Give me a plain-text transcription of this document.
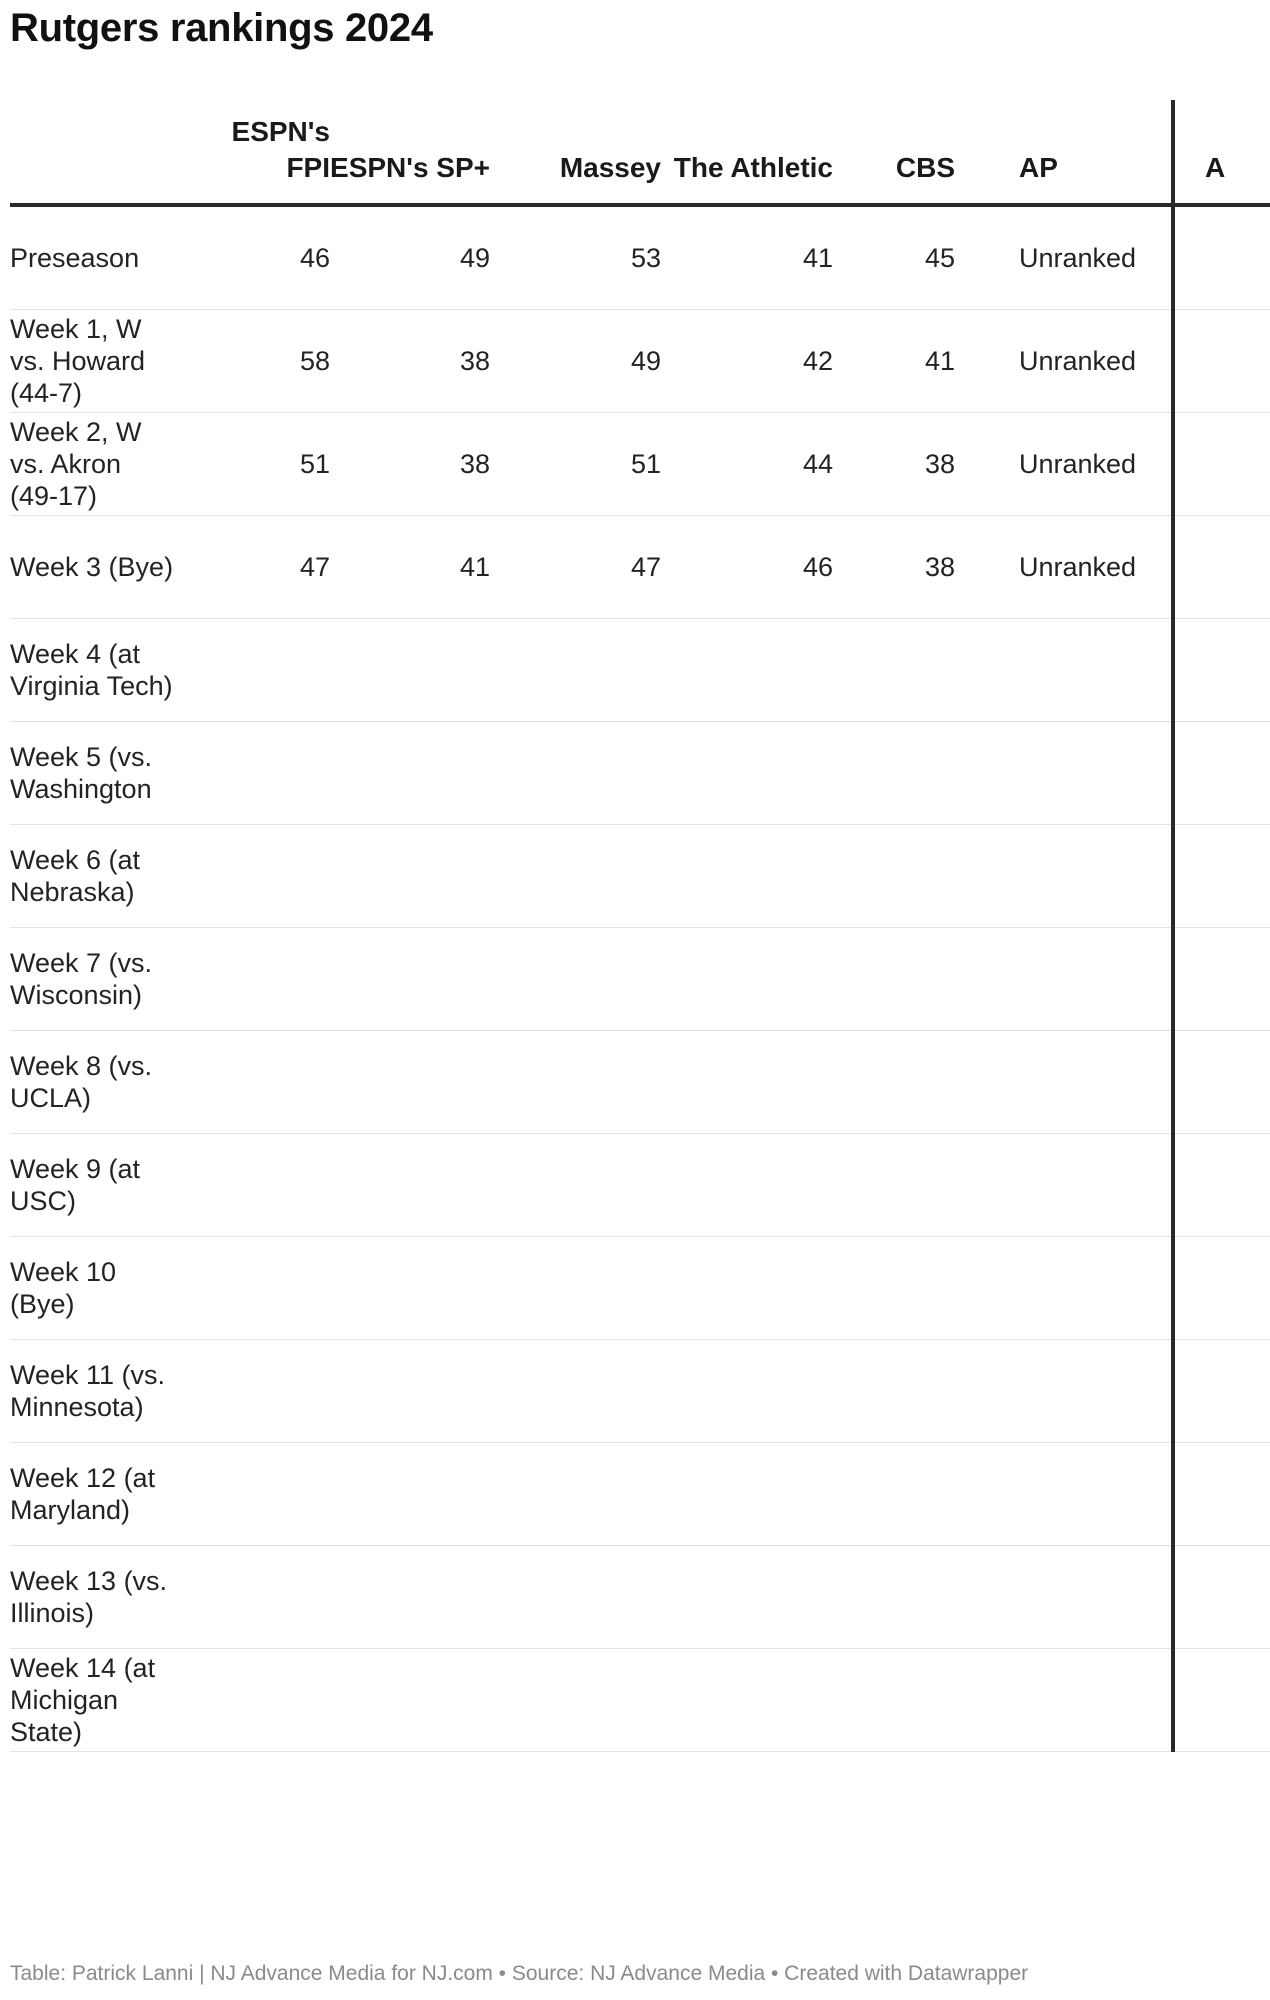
Rutgers rankings 2024
	ESPN's FPI	ESPN's SP+	Massey	The Athletic	CBS	AP	A
Preseason	46	49	53	41	45	Unranked	
Week 1, W vs. Howard (44-7)	58	38	49	42	41	Unranked	
Week 2, W vs. Akron (49-17)	51	38	51	44	38	Unranked	
Week 3 (Bye)	47	41	47	46	38	Unranked	
Week 4 (at Virginia Tech)							
Week 5 (vs. Washington							
Week 6 (at Nebraska)							
Week 7 (vs. Wisconsin)							
Week 8 (vs. UCLA)							
Week 9 (at USC)							
Week 10 (Bye)							
Week 11 (vs. Minnesota)							
Week 12 (at Maryland)							
Week 13 (vs. Illinois)							
Week 14 (at Michigan State)							
Table: Patrick Lanni | NJ Advance Media for NJ.com • Source: NJ Advance Media • Created with Datawrapper
